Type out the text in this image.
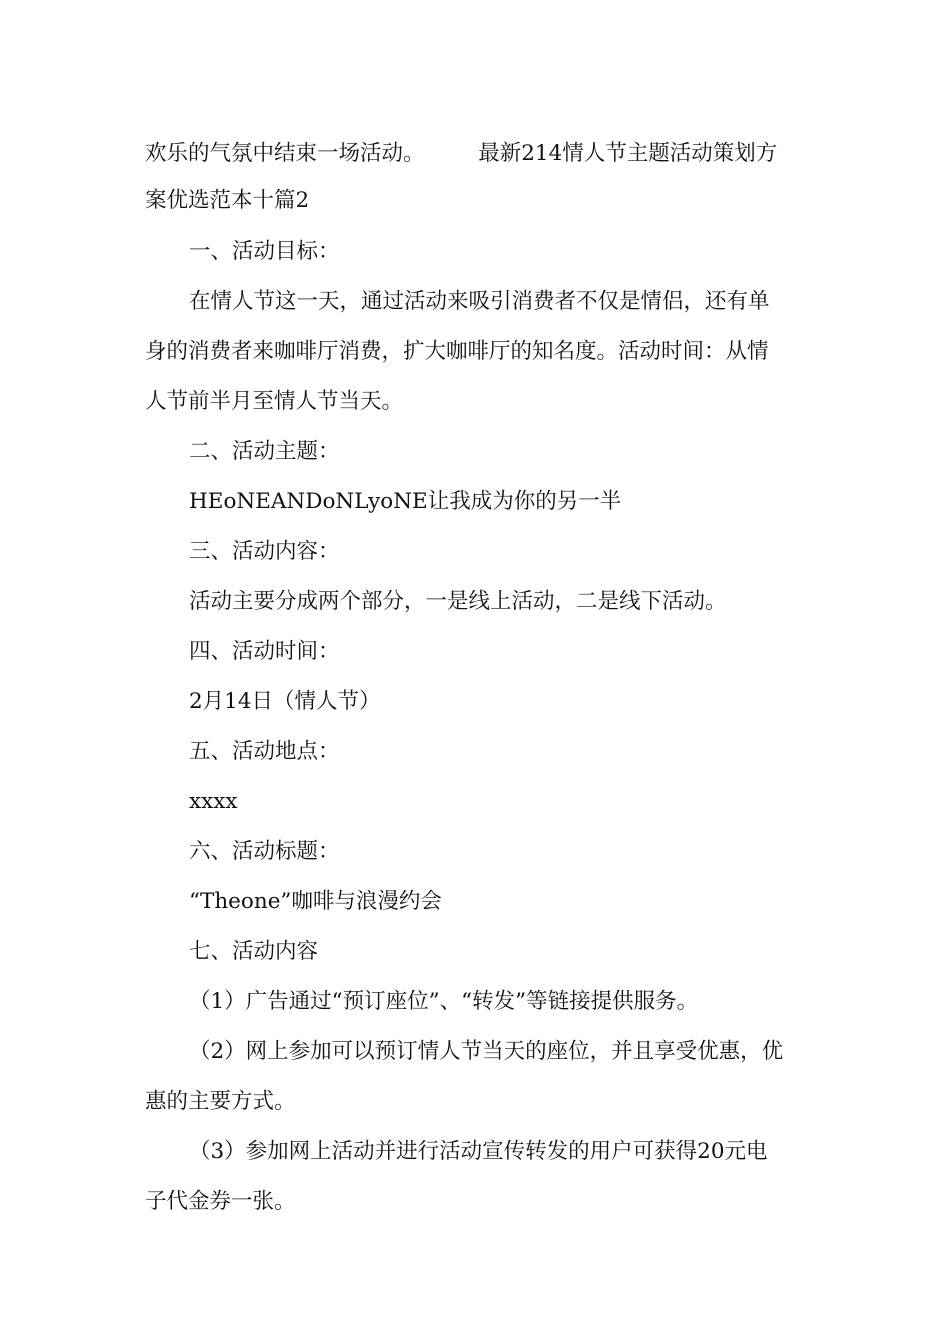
欢乐的气氛中结束一场活动。　　　最新214情人节主题活动策划方
案优选范本十篇2
一、活动目标：
在情人节这一天，通过活动来吸引消费者不仅是情侣，还有单
身的消费者来咖啡厅消费，扩大咖啡厅的知名度。活动时间：从情
人节前半月至情人节当天。
二、活动主题：
HEoNEANDoNLyoNE让我成为你的另一半
三、活动内容：
活动主要分成两个部分，一是线上活动，二是线下活动。
四、活动时间：
2月14日（情人节）
五、活动地点：
xxxx
六、活动标题：
“Theone”咖啡与浪漫约会
七、活动内容
（1）广告通过“预订座位”、“转发”等链接提供服务。
（2）网上参加可以预订情人节当天的座位，并且享受优惠，优
惠的主要方式。
（3）参加网上活动并进行活动宣传转发的用户可获得20元电
子代金券一张。
